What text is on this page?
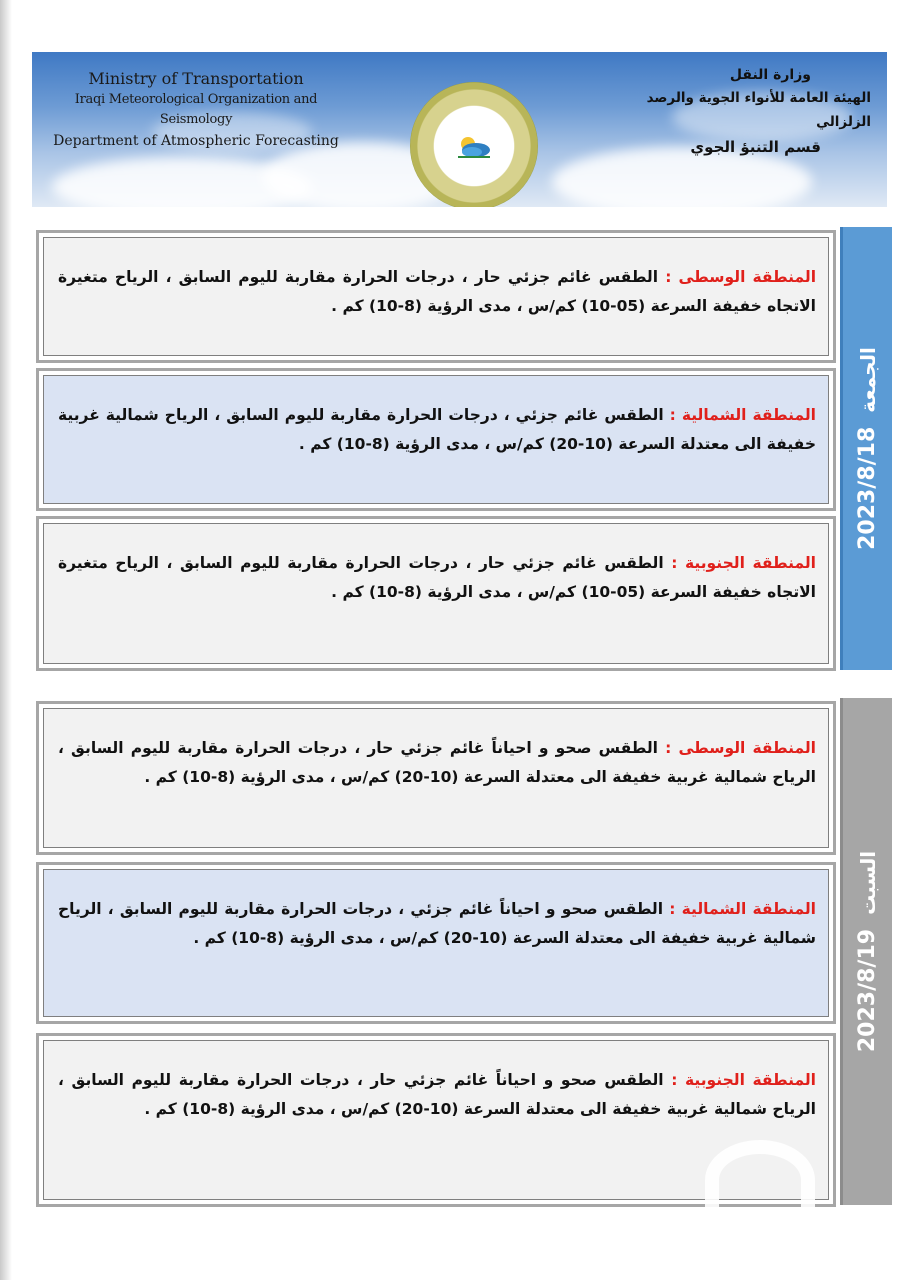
Ministry of Transportation
Iraqi Meteorological Organization and Seismology
Department of Atmospheric Forecasting
وزارة النقل
الهيئة العامة للأنواء الجوية والرصد الزلزالي
قسم التنبؤ الجوي
2023/8/18
الجمعة
2023/8/19
السبت

المنطقة الوسطى : الطقس غائم جزئي حار ، درجات الحرارة مقاربة لليوم السابق ، الرياح متغيرة الاتجاه خفيفة السرعة (05-10) كم/س ، مدى الرؤية (8-10) كم .

المنطقة الشمالية : الطقس غائم جزئي ، درجات الحرارة مقاربة لليوم السابق ، الرياح شمالية غربية خفيفة الى معتدلة السرعة (10-20) كم/س ، مدى الرؤية (8-10) كم .

المنطقة الجنوبية : الطقس غائم جزئي حار ، درجات الحرارة مقاربة لليوم السابق ، الرياح متغيرة الاتجاه خفيفة السرعة (05-10) كم/س ، مدى الرؤية (8-10) كم .

المنطقة الوسطى : الطقس صحو و احياناً غائم جزئي حار ، درجات الحرارة مقاربة لليوم السابق ، الرياح شمالية غربية خفيفة الى معتدلة السرعة (10-20) كم/س ، مدى الرؤية (8-10) كم .

المنطقة الشمالية : الطقس صحو و احياناً غائم جزئي ، درجات الحرارة مقاربة لليوم السابق ، الرياح شمالية غربية خفيفة الى معتدلة السرعة (10-20) كم/س ، مدى الرؤية (8-10) كم .

المنطقة الجنوبية : الطقس صحو و احياناً غائم جزئي حار ، درجات الحرارة مقاربة لليوم السابق ، الرياح شمالية غربية خفيفة الى معتدلة السرعة (10-20) كم/س ، مدى الرؤية (8-10) كم .
